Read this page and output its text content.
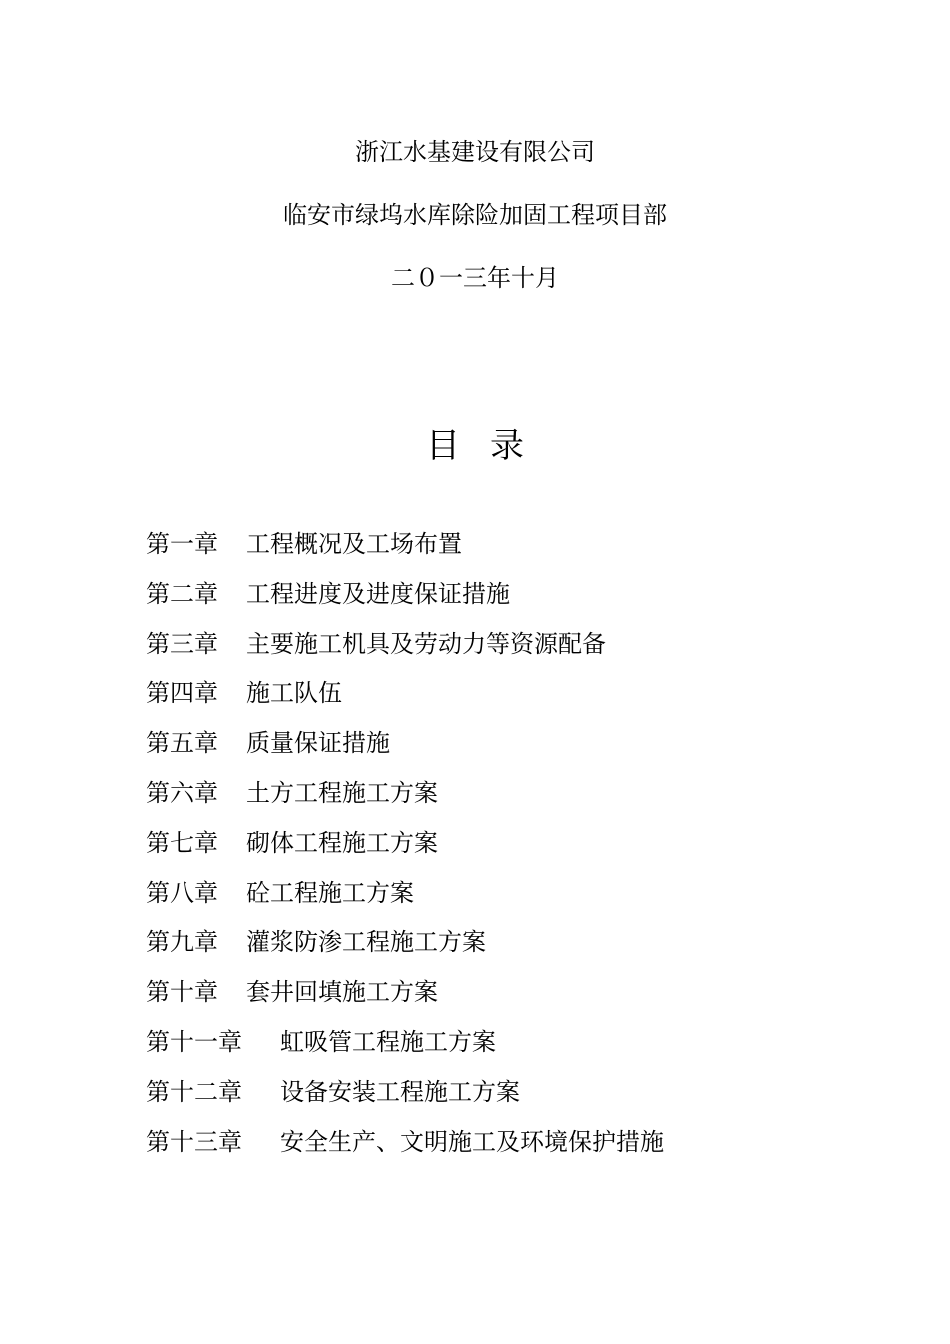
浙江水基建设有限公司
临安市绿坞水库除险加固工程项目部
二０一三年十月
目录
第一章	工程概况及工场布置
第二章	工程进度及进度保证措施
第三章	主要施工机具及劳动力等资源配备
第四章	施工队伍
第五章	质量保证措施
第六章	土方工程施工方案
第七章	砌体工程施工方案
第八章	砼工程施工方案
第九章	灌浆防渗工程施工方案
第十章	套井回填施工方案
第十一章	虹吸管工程施工方案
第十二章	设备安装工程施工方案
第十三章	安全生产、文明施工及环境保护措施
